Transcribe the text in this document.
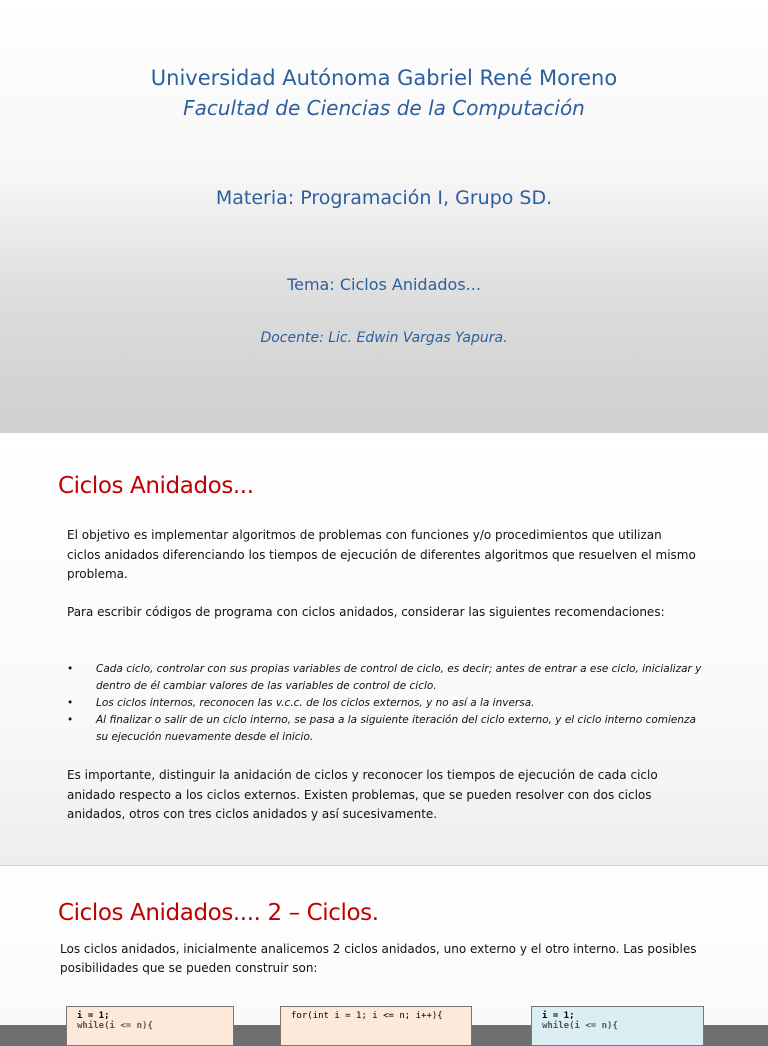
Universidad Autónoma Gabriel René Moreno
Facultad de Ciencias de la Computación
Materia: Programación I, Grupo SD.
Tema: Ciclos Anidados...
Docente: Lic. Edwin Vargas Yapura.
Ciclos Anidados...
El objetivo es implementar algoritmos de problemas con funciones y/o procedimientos que utilizan ciclos anidados diferenciando los tiempos de ejecución de diferentes algoritmos que resuelven el mismo problema.
Para escribir códigos de programa con ciclos anidados, considerar las siguientes recomendaciones:
• Cada ciclo, controlar con sus propias variables de control de ciclo, es decir; antes de entrar a ese ciclo, inicializar y dentro de él cambiar valores de las variables de control de ciclo.
• Los ciclos internos, reconocen las v.c.c. de los ciclos externos, y no así a la inversa.
• Al finalizar o salir de un ciclo interno, se pasa a la siguiente iteración del ciclo externo, y el ciclo interno comienza su ejecución nuevamente desde el inicio.
Es importante, distinguir la anidación de ciclos y reconocer los tiempos de ejecución de cada ciclo anidado respecto a los ciclos externos. Existen problemas, que se pueden resolver con dos ciclos anidados, otros con tres ciclos anidados y así sucesivamente.
Ciclos Anidados.... 2 – Ciclos.
Los ciclos anidados, inicialmente analicemos 2 ciclos anidados, uno externo y el otro interno. Las posibles posibilidades que se pueden construir son:
i = 1;
while(i <= n){
for(int i = 1; i <= n; i++){	i = 1;
while(i <= n){
